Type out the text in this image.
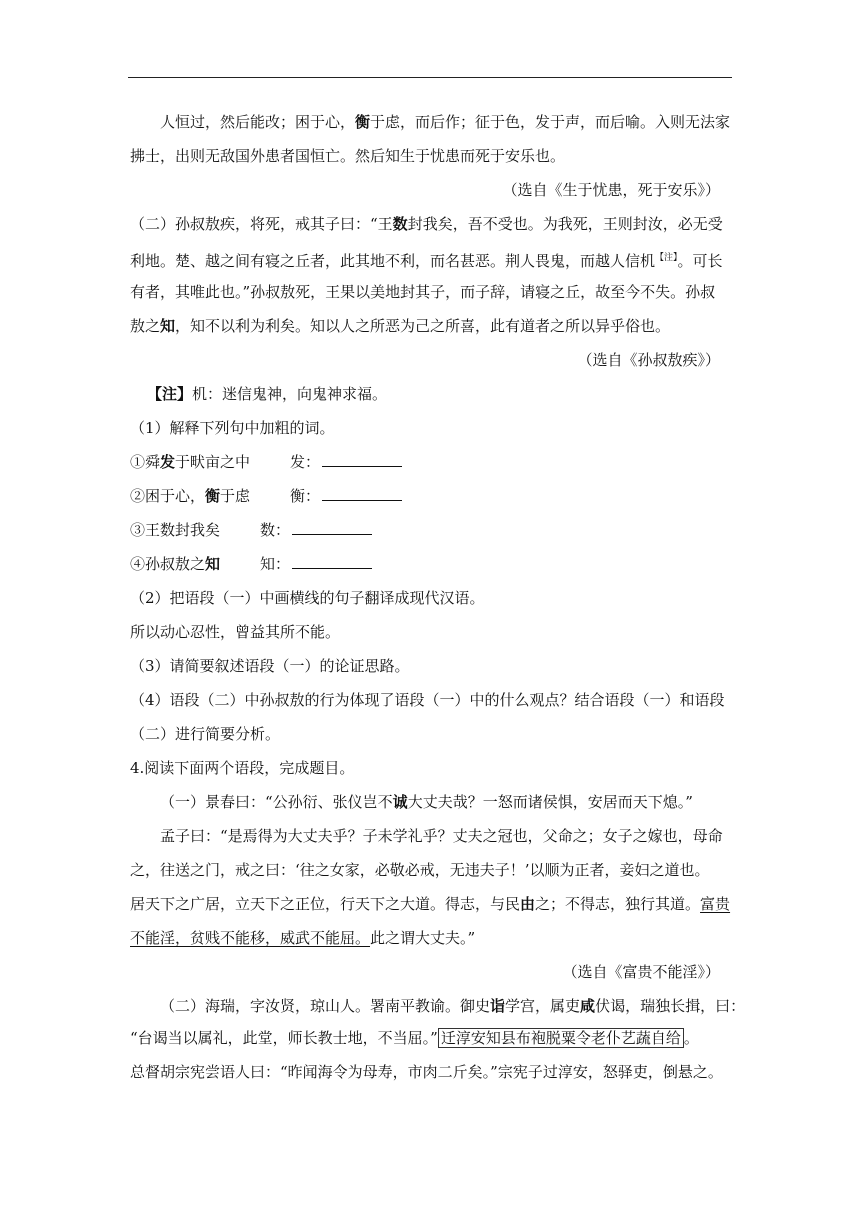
人恒过，然后能改；困于心，衡于虑，而后作；征于色，发于声，而后喻。入则无法家
拂士，出则无敌国外患者国恒亡。然后知生于忧患而死于安乐也。
（选自《生于忧患，死于安乐》）
（二）孙叔敖疾，将死，戒其子曰：“王数封我矣，吾不受也。为我死，王则封汝，必无受
利地。楚、越之间有寝之丘者，此其地不利，而名甚恶。荆人畏鬼，而越人信机$^{【注】}$。可长
有者，其唯此也。”孙叔敖死，王果以美地封其子，而子辞，请寝之丘，故至今不失。孙叔
敖之知，知不以利为利矣。知以人之所恶为己之所喜，此有道者之所以异乎俗也。
（选自《孙叔敖疾》）
【注】机：迷信鬼神，向鬼神求福。
（1）解释下列句中加粗的词。
①舜发于畎亩之中	发：
②困于心，衡于虑	衡：
③王数封我矣	数：
④孙叔敖之知	知：
（2）把语段（一）中画横线的句子翻译成现代汉语。
所以动心忍性，曾益其所不能。
（3）请简要叙述语段（一）的论证思路。
（4）语段（二）中孙叔敖的行为体现了语段（一）中的什么观点？结合语段（一）和语段
（二）进行简要分析。
4.阅读下面两个语段，完成题目。
（一）景春曰：“公孙衍、张仪岂不诚大丈夫哉？一怒而诸侯惧，安居而天下熄。”
孟子曰：“是焉得为大丈夫乎？子未学礼乎？丈夫之冠也，父命之；女子之嫁也，母命
之，往送之门，戒之曰：‘往之女家，必敬必戒，无违夫子！’以顺为正者，妾妇之道也。
居天下之广居，立天下之正位，行天下之大道。得志，与民由之；不得志，独行其道。富贵
不能淫，贫贱不能移，威武不能屈。此之谓大丈夫。”
（选自《富贵不能淫》）
（二）海瑞，字汝贤，琼山人。署南平教谕。御史诣学宫，属吏咸伏谒，瑞独长揖，曰：
“台谒当以属礼，此堂，师长教士地，不当屈。” 迁淳安知县布袍脱粟令老仆艺蔬自给 。
总督胡宗宪尝语人曰：“昨闻海令为母寿，市肉二斤矣。”宗宪子过淳安，怒驿吏，倒悬之。
